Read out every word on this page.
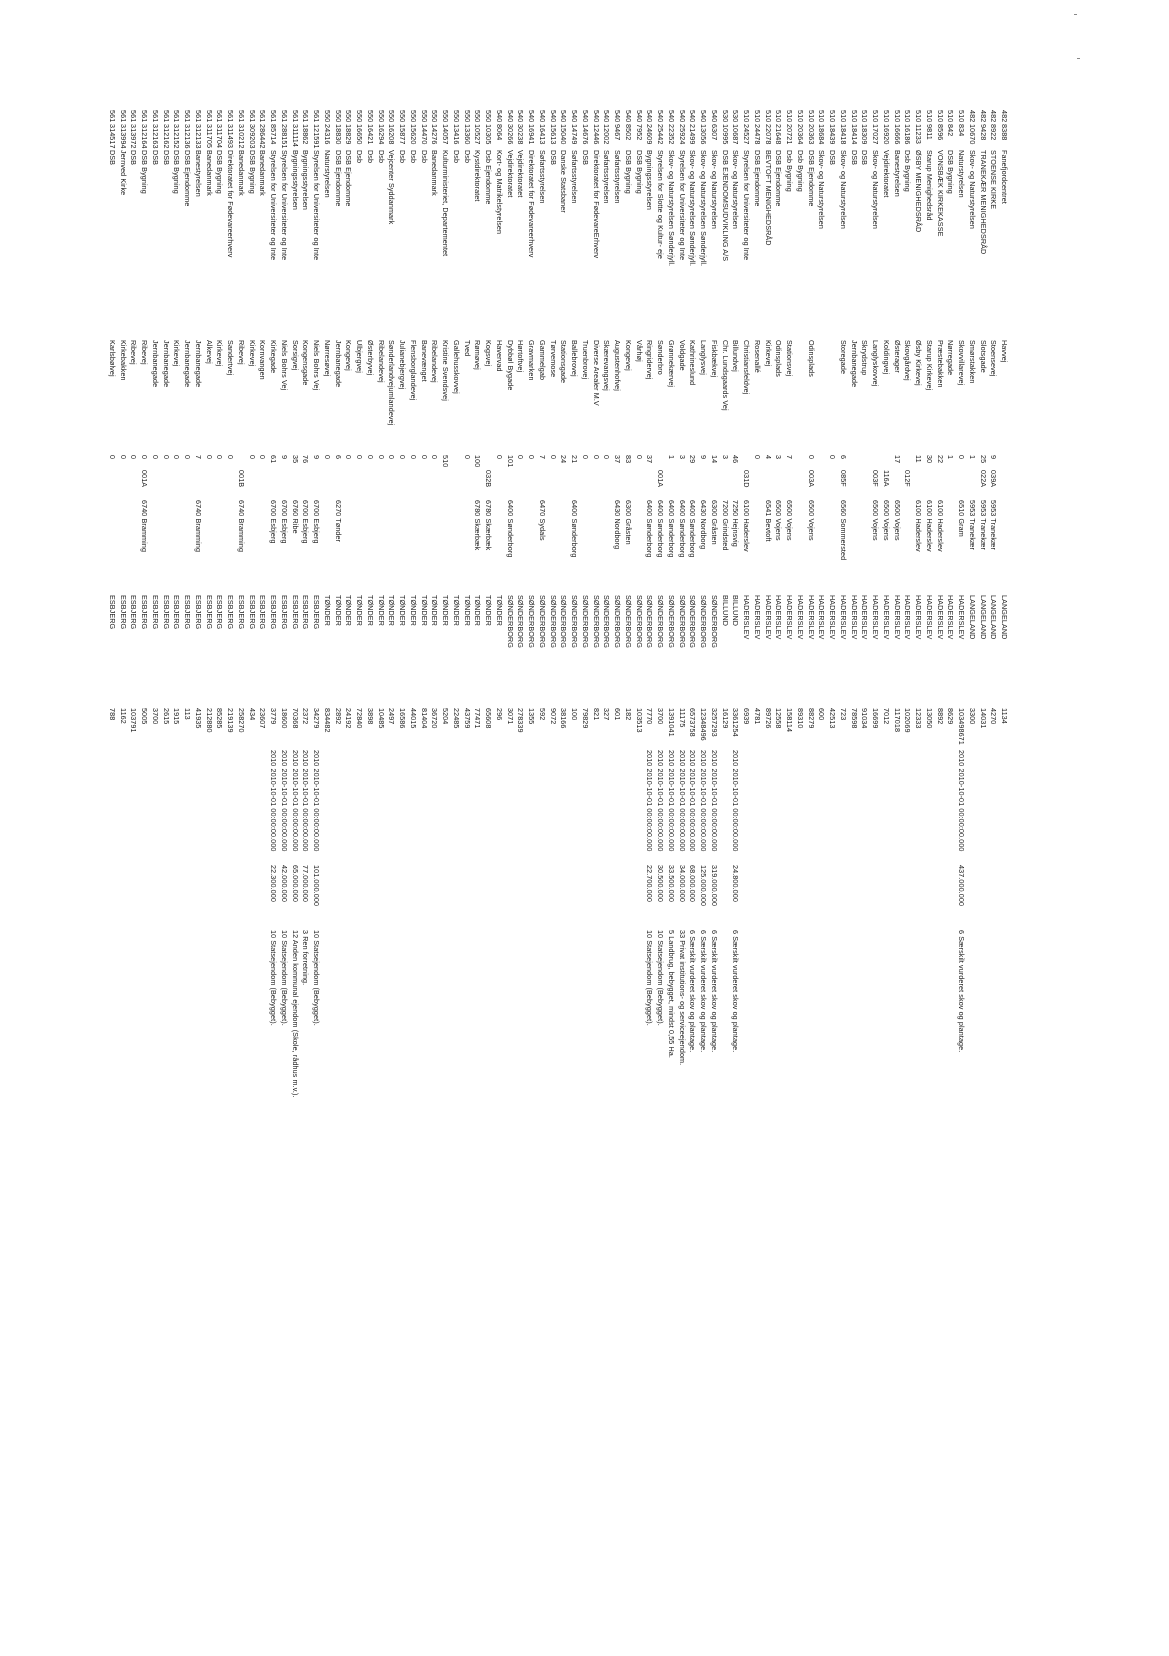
482
8388
Fanefjordcentret
Havvej
LANGELAND
1134
482
8922
STOENSE KIRKE
Stoensevej
9
039A
5953 Tranekær
LANGELAND
4270
482
9428
TRANEKÆR MENIGHEDSRÅD
Slotsgade
25
022A
5953 Tranekær
LANGELAND
14031
482
10670
Skov- og Naturstyrelsen
Smørstakken
1
5953 Tranekær
LANGELAND
3300
510
834
Naturstyrelsen
Skovvillarevej
0
6510 Gram
HADERSLEV
103498671
2010 2010-10-01 00:00:00.000
437.000.000
6 Særskilt vurderet skov og plantage.
510
842
DSB Bygning
Nørregade
1
HADERSLEV
8629
510
8596
VONSBÆK KIRKEKASSE
Præstebakken
22
6100 Haderslev
HADERSLEV
8892
510
9811
Starup Menighedsråd
Starup Kirkevej
30
6100 Haderslev
HADERSLEV
13050
510
11233
ØSBY MENIGHEDSRÅD
Øsby Kirkevej
11
6100 Haderslev
HADERSLEV
12333
510
16186
Dsb Bygning
Skovgårdvej
012F
HADERSLEV
102069
510
16666
Banestyrelsen
Østerager
17
6500 Vojens
HADERSLEV
117018
510
16920
Vejdirektoratet
Koldingvej
116A
6500 Vojens
HADERSLEV
7012
510
17027
Skov- og Naturstyrelsen
Langlyskovvej
003F
6500 Vojens
HADERSLEV
16699
510
18309
DSB
Skrydstrup
HADERSLEV
91034
510
18414
DSB
Jernbanegade
HADERSLEV
78598
510
18418
Skov- og Naturstyrelsen
Storegade
6
085F
6560 Sommersted
HADERSLEV
723
510
18439
DSB
0
HADERSLEV
42513
510
18684
Skov- og Naturstyrelsen
HADERSLEV
600
510
20363
DSB Ejendomme
Odinsplads
0
003A
6500 Vojens
HADERSLEV
88279
510
20364
Dsb Bygning
HADERSLEV
89310
510
20721
Dsb Bygning
Stationsvej
7
6500 Vojens
HADERSLEV
158114
510
21648
DSB Ejendomme
Odinsplads
3
6500 Vojens
HADERSLEV
12558
510
22078
BEVTOFT MENIGHEDSRÅD
Kirkevej
4
6541 Bevtoft
HADERSLEV
89726
510
24478
DSB Ejendomme
Rosenallé
0
HADERSLEV
4781
510
24527
Styrelsen for Universiteter og Inte
Christiansfeldvej
031D
6100 Haderslev
HADERSLEV
6939
530
10687
Skov- og Naturstyrelsen
Billundvej
46
7250 Hejnsvig
BILLUND
3361254
2010 2010-10-01 00:00:00.000
24.800.000
6 Særskilt vurderet skov og plantage.
530
10995
DSB EJENDOMSUDVIKLING A/S
Chr. Lundsgaards Vej
3
7200 Grindsted
BILLUND
16129
540
6307
Skov- og Naturstyrelsen
Fiskbækvej
14
6300 Gråsten
SØNDERBORG
3257293
2010 2010-10-01 00:00:00.000
319.000.000
6 Særskilt vurderet skov og plantage.
540
13056
Skov- og Naturstyrelsen Sønderjyll.
Langlysvej
9
6430 Nordborg
SØNDERBORG
12348496
2010 2010-10-01 00:00:00.000
125.000.000
6 Særskilt vurderet skov og plantage.
540
21499
Skov- og Naturstyrelsen Sønderjyll.
Kathrineslund
29
6400 Sønderborg
SØNDERBORG
6573758
2010 2010-10-01 00:00:00.000
68.000.000
6 Særskilt vurderet skov og plantage.
540
25924
Styrelsen for Universiteter og Inte
Voldgade
3
6400 Sønderborg
SØNDERBORG
11175
2010 2010-10-01 00:00:00.000
34.000.000
33 Privat institutions- og serviceejendom.
540
22352
Skov- og Naturstyrelsen Sønderjyll.
Grønnekærvej
1
6400 Sønderborg
SØNDERBORG
1391041
2010 2010-10-01 00:00:00.000
33.500.000
5 Landbrug, bebygget, mindst 0,55 Ha.
540
25442
Styrelsen for Slotte og Kultur- eje
Sønderbro
001A
6400 Sønderborg
SØNDERBORG
3700
2010 2010-10-01 00:00:00.000
30.500.000
10 Statsejendom (Bebygget).
540
24609
Bygningsstyrelsen
Ringridervej
37
6400 Sønderborg
SØNDERBORG
7770
2010 2010-10-01 00:00:00.000
22.700.000
10 Statsejendom (Bebygget).
540
7952
DSB Bygning
Vårhøj
0
SØNDERBORG
103513
540
8502
DSB Bygning
Kongevej
83
6300 Gråsten
SØNDERBORG
182
540
9467
Søfartsstyrelsen
Augustenhofvej
37
6430 Nordborg
SØNDERBORG
601
540
12002
Søfartsstyrelsen
Skærevangsvej
0
SØNDERBORG
327
540
12446
Direktoratet for FødevareErhverv
Diverse Arealer M.V
0
SØNDERBORG
821
540
14676
DSB
Truenbrovej
0
SØNDERBORG
79829
540
14749
Søfartsstyrelsen
Ballebrovej
21
6400 Sønderborg
SØNDERBORG
100
540
15040
Danske Statsbaner
Stationsgade
24
SØNDERBORG
38166
540
15613
DSB
Tørvemose
0
SØNDERBORG
9072
540
16413
Søfartsstyrelsen
Gammelgab
7
6470 Sydals
SØNDERBORG
592
540
16941
Direktoratet for Fødevareerhverv
Gravmarken
0
SØNDERBORG
1355
540
30238
Vejdirektoratet
Hørtoftvej
0
SØNDERBORG
278339
540
30266
Vejdirektoratet
Dybbøl Bygade
101
6400 Sønderborg
SØNDERBORG
3071
540
8064
Kort- og Matrikelstyrelsen
Havervad
0
TØNDER
296
550
10305
Dsb Ejendomme
Kogsvej
032B
6780 Skærbæk
TØNDER
65608
550
10527
Kystdirektoratet
Rømøvej
100
6780 Skærbæk
TØNDER
77471
550
13360
Dsb
Tved
0
TØNDER
43759
550
13416
Dsb
Gallehusskovvej
TØNDER
22485
550
14057
Kulturministeriet, Departementet
Kristine Svendsvej
510
TØNDER
5204
550
14276
Banedanmark
Ribelandevej
0
TØNDER
36720
550
14470
Dsb
Banevænget
0
TØNDER
81404
550
15620
Dsb
Flensborglandevej
0
TØNDER
44015
550
15877
Dsb
Julianebjergvej
0
TØNDER
16586
550
16208
Vejcenter Syddanmark
Sønderlandvejumlandevej
0
TØNDER
2497
550
16294
Dsb
Ribelandevej
0
TØNDER
10485
550
16421
Dsb
Østerbyvej
0
TØNDER
3898
550
16650
Dsb
Ulbjergvej
0
TØNDER
72840
550
18829
DSB Ejendomme
Kongevej
0
TØNDER
24192
550
18830
DSB Ejendomme
Jernbanegade
6
6270 Tønder
TØNDER
2892
550
24316
Naturstyrelsen
Nørresøvej
0
TØNDER
834482
561
121591
Styrelsen for Universiteter og Inte
Niels Bohrs Vej
9
6700 Esbjerg
ESBJERG
34279
2010 2010-10-01 00:00:00.000
101.000.000
10 Statsejendom (Bebygget).
561
18862
Bygningsstyrelsen
Kongensgade
76
6700 Esbjerg
ESBJERG
2372
2010 2010-10-01 00:00:00.000
77.000.000
3 Ren forretning.
561
311114
Bygningsstyrelsen
Sorsigvej
35
6760 Ribe
ESBJERG
70368
2010 2010-10-01 00:00:00.000
65.000.000
12 Anden kommunal ejendom (Skole, rådhus m.v.).
561
288151
Styrelsen for Universiteter og Inte
Niels Bohrs Vej
9
6700 Esbjerg
ESBJERG
18600
2010 2010-10-01 00:00:00.000
42.000.000
10 Statsejendom (Bebygget).
561
85714
Styrelsen for Universiteter og Inte
Kirkegade
61
6700 Esbjerg
ESBJERG
3779
2010 2010-10-01 00:00:00.000
22.300.000
10 Statsejendom (Bebygget).
561
286442
Banedanmark
Kornvangen
0
ESBJERG
23607
561
309203
DSB Bygning
Kirkevej
0
ESBJERG
434
561
310212
Banedanmark
Ribevej
001B
6740 Bramming
ESBJERG
258270
561
311493
Direktoratet for Fødevareerhverv
Sandertvej
0
ESBJERG
219139
561
311704
DSB Bygning
Kirkevej
0
ESBJERG
85285
561
311705
Banedanmark
Alkevej
0
ESBJERG
212880
561
312133
Banestyrelsen
Jernbanegade
7
6740 Bramming
ESBJERG
41935
561
312136
DSB Ejendomme
Jernbanegade
0
ESBJERG
113
561
312152
DSB Bygning
Kirkevej
0
ESBJERG
1915
561
312162
DSB
Jernbanegade
0
ESBJERG
2615
561
312163
DSB
Jernbanegade
0
ESBJERG
3700
561
312164
DSB Bygning
Ribevej
0
001A
6740 Bramming
ESBJERG
5005
561
313972
DSB
Ribevej
0
ESBJERG
103791
561
313994
Jernved Kirke
Kirkebakken
0
ESBJERG
1162
561
314517
DSB
Karlsbølvej
0
ESBJERG
788
